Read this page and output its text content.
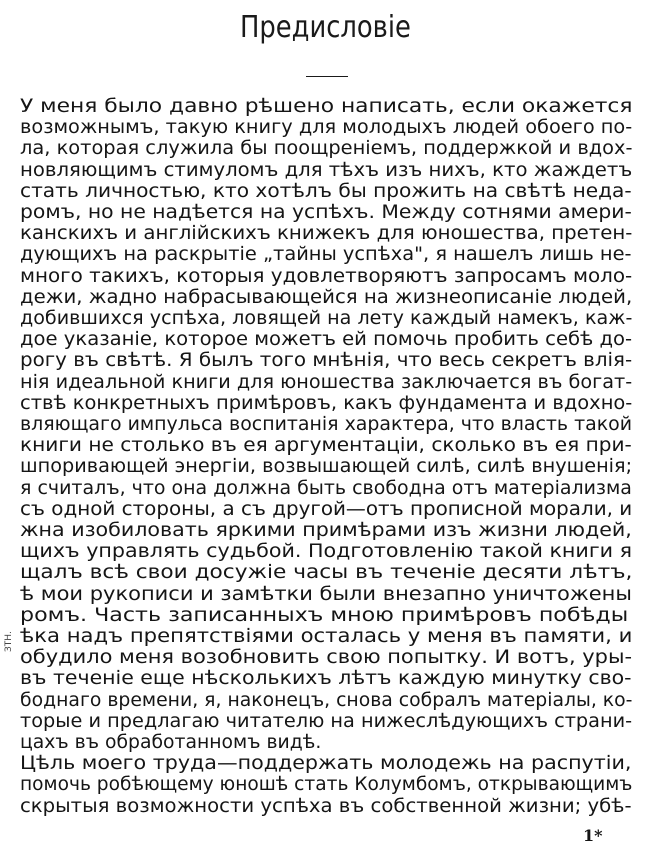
Предисловіе
У меня было давно рѣшено написать, если окажется
возможнымъ, такую книгу для молодыхъ людей обоего по-
ла, которая служила бы поощреніемъ, поддержкой и вдох-
новляющимъ стимуломъ для тѣхъ изъ нихъ, кто жаждетъ
стать личностью, кто хотѣлъ бы прожить на свѣтѣ неда-
ромъ, но не надѣется на успѣхъ. Между сотнями амери-
канскихъ и англійскихъ книжекъ для юношества, претен-
дующихъ на раскрытіе „тайны успѣха", я нашелъ лишь не-
много такихъ, которыя удовлетворяютъ запросамъ моло-
дежи, жадно набрасывающейся на жизнеописаніе людей,
добившихся успѣха, ловящей на лету каждый намекъ, каж-
дое указаніе, которое можетъ ей помочь пробить себѣ до-
рогу въ свѣтѣ. Я былъ того мнѣнія, что весь секретъ влія-
нія идеальной книги для юношества заключается въ богат-
ствѣ конкретныхъ примѣровъ, какъ фундамента и вдохно-
вляющаго импульса воспитанія характера, что власть такой
книги не столько въ ея аргументаціи, сколько въ ея при-
шпоривающей энергіи, возвышающей силѣ, силѣ внушенія;
я считалъ, что она должна быть свободна отъ матеріализма
съ одной стороны, а съ другой—отъ прописной морали, и
жна изобиловать яркими примѣрами изъ жизни людей,
щихъ управлять судьбой. Подготовленію такой книги я
щалъ всѣ свои досужіе часы въ теченіе десяти лѣтъ,
ѣ мои рукописи и замѣтки были внезапно уничтожены
ромъ. Часть записанныхъ мною примѣровъ побѣды
ѣка надъ препятствіями осталась у меня въ памяти, и
обудило меня возобновить свою попытку. И вотъ, уры-
въ теченіе еще нѣсколькихъ лѣтъ каждую минутку сво-
боднаго времени, я, наконецъ, снова собралъ матеріалы, ко-
торые и предлагаю читателю на нижеслѣдующихъ страни-
цахъ въ обработанномъ видѣ.
Цѣль моего труда—поддержать молодежь на распутіи,
помочь робѣющему юношѣ стать Колумбомъ, открывающимъ
скрытыя возможности успѣха въ собственной жизни; убѣ-
ЗТН.
1*
